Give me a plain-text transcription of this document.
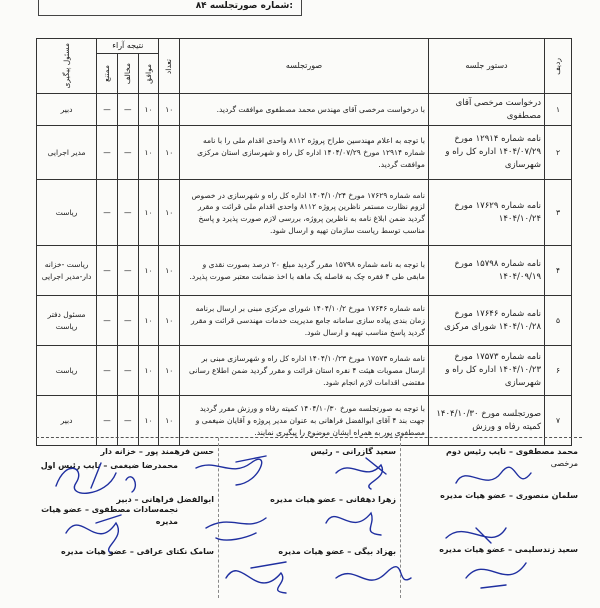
شماره صورتجلسه ۸۴:
ردیف	دستور جلسه	صورتجلسه	تعداد	نتیجه آراء			مسئول پیگیری

				موافق	مخالف	ممتنع	

۱	درخواست مرخصی آقای مصطفوی	با درخواست مرخصی آقای مهندس محمد مصطفوی موافقت گردید.	۱۰	۱۰	—	—	دبیر
۲	نامه شماره ۱۲۹۱۴ مورخ ۱۴۰۴/۰۷/۲۹ اداره کل راه و شهرسازی	با توجه به اعلام مهندسین طراح پروژه ۸۱۱۲ واحدی اقدام ملی را با نامه شماره ۱۲۹۱۴ مورخ ۱۴۰۴/۰۷/۲۹ اداره کل راه و شهرسازی استان مرکزی موافقت گردید.	۱۰	۱۰	—	—	مدیر اجرایی
۳	نامه شماره ۱۷۶۲۹ مورخ ۱۴۰۴/۱۰/۲۴	نامه شماره ۱۷۶۲۹ مورخ ۱۴۰۴/۱۰/۲۴ اداره کل راه و شهرسازی در خصوص لزوم نظارت مستمر ناظرین پروژه ۸۱۱۲ واحدی اقدام ملی قرائت و مقرر گردید ضمن ابلاغ نامه به ناظرین پروژه، بررسی لازم صورت پذیرد و پاسخ مناسب توسط ریاست سازمان تهیه و ارسال شود.	۱۰	۱۰	—	—	ریاست
۴	نامه شماره ۱۵۷۹۸ مورخ ۱۴۰۴/۰۹/۱۹	با توجه به نامه شماره ۱۵۷۹۸ مقرر گردید مبلغ ۲۰ درصد بصورت نقدی و مابقی طی ۴ فقره چک به فاصله یک ماهه با اخذ ضمانت معتبر صورت پذیرد.	۱۰	۱۰	—	—	ریاست -خزانه دار-مدیر اجرایی
۵	نامه شماره ۱۷۶۴۶ مورخ ۱۴۰۴/۱۰/۲۸ شورای مرکزی	نامه شماره ۱۷۶۴۶ مورخ ۱۴۰۴/۱۰/۲ شورای مرکزی مبنی بر ارسال برنامه زمان بندی پیاده سازی سامانه جامع مدیریت خدمات مهندسی قرائت و مقرر گردید پاسخ مناسب تهیه و ارسال شود.	۱۰	۱۰	—	—	مسئول دفتر ریاست
۶	نامه شماره ۱۷۵۷۳ مورخ ۱۴۰۴/۱۰/۲۳ اداره کل راه و شهرسازی	نامه شماره ۱۷۵۷۳ مورخ ۱۴۰۴/۱۰/۲۳ اداره کل راه و شهرسازی مبنی بر ارسال مصوبات هیئت ۴ نفره استان قرائت و مقرر گردید ضمن اطلاع رسانی مقتضی اقدامات لازم انجام شود.	۱۰	۱۰	—	—	ریاست
۷	صورتجلسه مورخ ۱۴۰۴/۱۰/۳۰ کمیته رفاه و ورزش	با توجه به صورتجلسه مورخ ۱۴۰۴/۱۰/۳۰ کمیته رفاه و ورزش مقرر گردید جهت بند ۴ آقای ابوالفضل فراهانی به عنوان مدیر پروژه و آقایان ضیغمی و مصطفوی پور به همراه ایشان موضوع را پیگیری نمایند.	۱۰	۱۰	—	—	دبیر
محمد مصطفوی – نایب رئیس دوم
مرخصی
سلمان منصوری – عضو هیات مدیره
سعید زندسلیمی – عضو هیات مدیره
سعید گازرانی – رئیس
زهرا دهقانی – عضو هیات مدیره
بهزاد بیگی – عضو هیات مدیره
حسن فرهمند پور – خزانه دار
ابوالفضل فراهانی – دبیر
سامک نکتای عراقی – عضو هیات مدیره
محمدرضا ضیغمی – نایب رئیس اول
نجمه‌سادات مصطفوی – عضو هیات مدیره
